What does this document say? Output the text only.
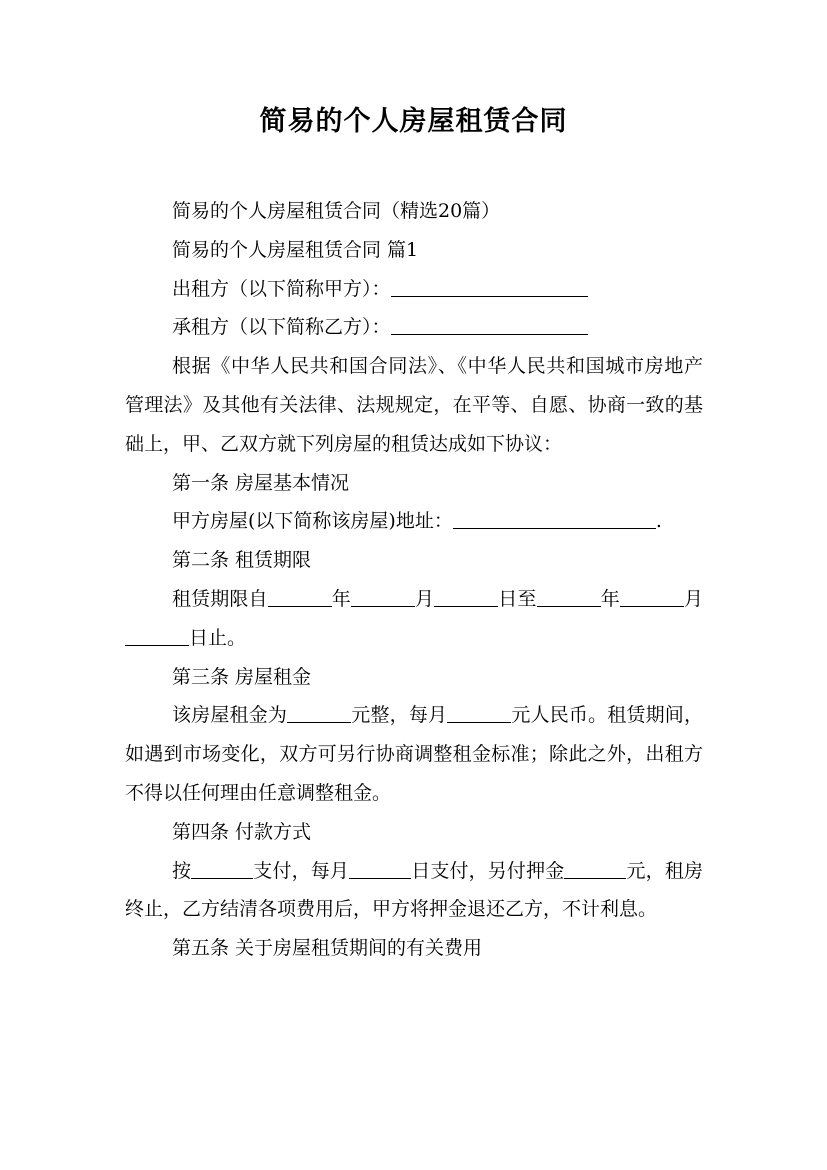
简易的个人房屋租赁合同

简易的个人房屋租赁合同（精选20篇）

简易的个人房屋租赁合同 篇1

出租方（以下简称甲方）：

承租方（以下简称乙方）：

根据《中华人民共和国合同法》、《中华人民共和国城市房地产管理法》及其他有关法律、法规规定，在平等、自愿、协商一致的基础上，甲、乙双方就下列房屋的租赁达成如下协议：

第一条 房屋基本情况

甲方房屋(以下简称该房屋)地址：	.

第二条 租赁期限

租赁期限自	年	月	日至	年	月日止。

第三条 房屋租金

该房屋租金为	元整，每月	元人民币。租赁期间，如遇到市场变化，双方可另行协商调整租金标准；除此之外，出租方不得以任何理由任意调整租金。

第四条 付款方式

按	支付，每月	日支付，另付押金	元，租房终止，乙方结清各项费用后，甲方将押金退还乙方，不计利息。

第五条 关于房屋租赁期间的有关费用
